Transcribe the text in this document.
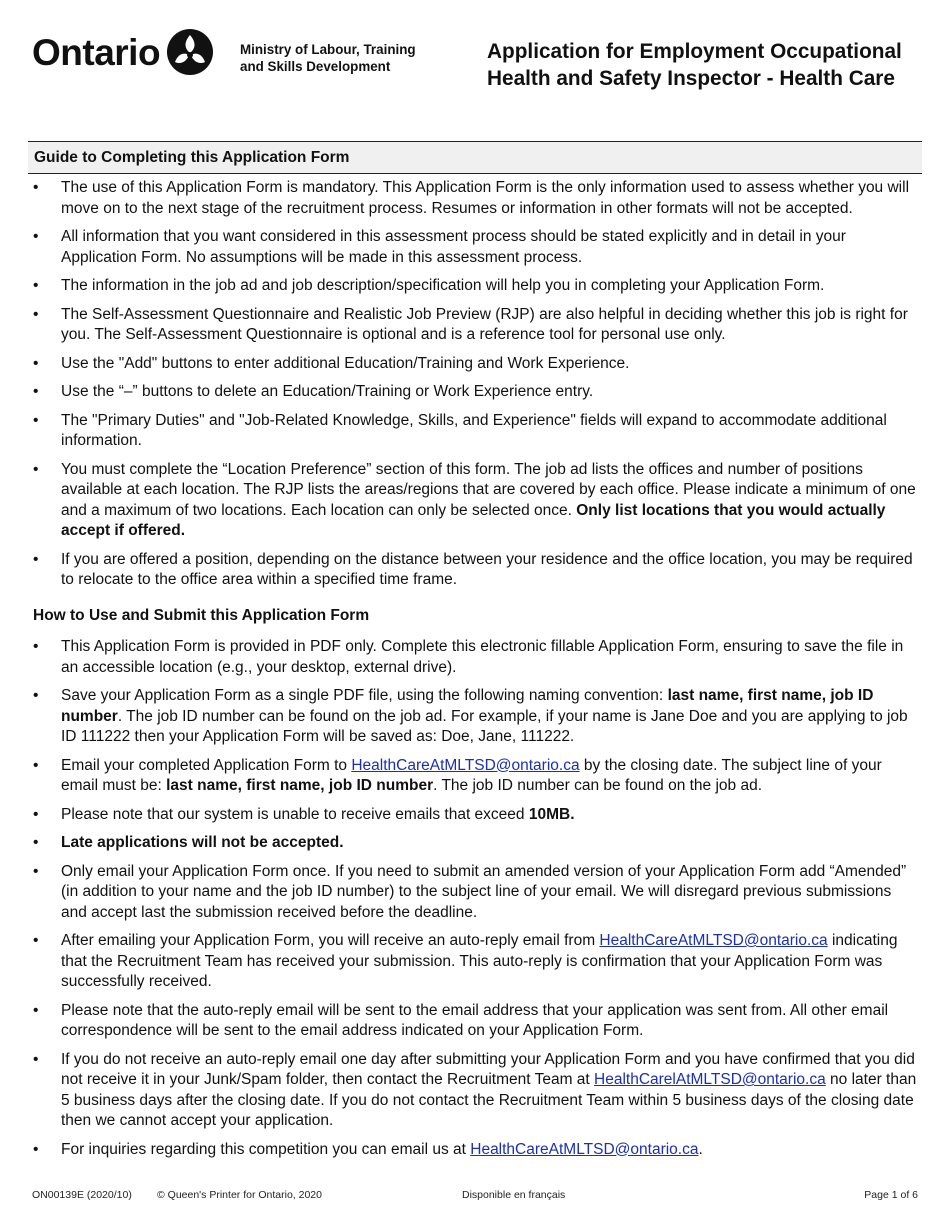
Ontario	Ministry of Labour, Training
and Skills Development
Application for Employment Occupational
Health and Safety Inspector - Health Care
Guide to Completing this Application Form
• The use of this Application Form is mandatory. This Application Form is the only information used to assess whether you will move on to the next stage of the recruitment process. Resumes or information in other formats will not be accepted.
• All information that you want considered in this assessment process should be stated explicitly and in detail in your Application Form. No assumptions will be made in this assessment process.
• The information in the job ad and job description/specification will help you in completing your Application Form.
• The Self-Assessment Questionnaire and Realistic Job Preview (RJP) are also helpful in deciding whether this job is right for you. The Self-Assessment Questionnaire is optional and is a reference tool for personal use only.
• Use the "Add" buttons to enter additional Education/Training and Work Experience.
• Use the “–” buttons to delete an Education/Training or Work Experience entry.
• The "Primary Duties" and "Job-Related Knowledge, Skills, and Experience" fields will expand to accommodate additional information.
• You must complete the “Location Preference” section of this form. The job ad lists the offices and number of positions available at each location. The RJP lists the areas/regions that are covered by each office. Please indicate a minimum of one and a maximum of two locations. Each location can only be selected once. Only list locations that you would actually accept if offered.
• If you are offered a position, depending on the distance between your residence and the office location, you may be required to relocate to the office area within a specified time frame.
How to Use and Submit this Application Form
• This Application Form is provided in PDF only. Complete this electronic fillable Application Form, ensuring to save the file in an accessible location (e.g., your desktop, external drive).
• Save your Application Form as a single PDF file, using the following naming convention: last name, first name, job ID number. The job ID number can be found on the job ad. For example, if your name is Jane Doe and you are applying to job ID 111222 then your Application Form will be saved as: Doe, Jane, 111222.
• Email your completed Application Form to HealthCareAtMLTSD@ontario.ca by the closing date. The subject line of your email must be: last name, first name, job ID number. The job ID number can be found on the job ad.
• Please note that our system is unable to receive emails that exceed 10MB.
• Late applications will not be accepted.
• Only email your Application Form once. If you need to submit an amended version of your Application Form add “Amended” (in addition to your name and the job ID number) to the subject line of your email. We will disregard previous submissions and accept last the submission received before the deadline.
• After emailing your Application Form, you will receive an auto-reply email from HealthCareAtMLTSD@ontario.ca indicating that the Recruitment Team has received your submission. This auto-reply is confirmation that your Application Form was successfully received.
• Please note that the auto-reply email will be sent to the email address that your application was sent from. All other email correspondence will be sent to the email address indicated on your Application Form.
• If you do not receive an auto-reply email one day after submitting your Application Form and you have confirmed that you did not receive it in your Junk/Spam folder, then contact the Recruitment Team at HealthCarelAtMLTSD@ontario.ca no later than 5 business days after the closing date. If you do not contact the Recruitment Team within 5 business days of the closing date then we cannot accept your application.
• For inquiries regarding this competition you can email us at HealthCareAtMLTSD@ontario.ca.
ON00139E (2020/10) © Queen's Printer for Ontario, 2020	Disponible en français	Page 1 of 6
